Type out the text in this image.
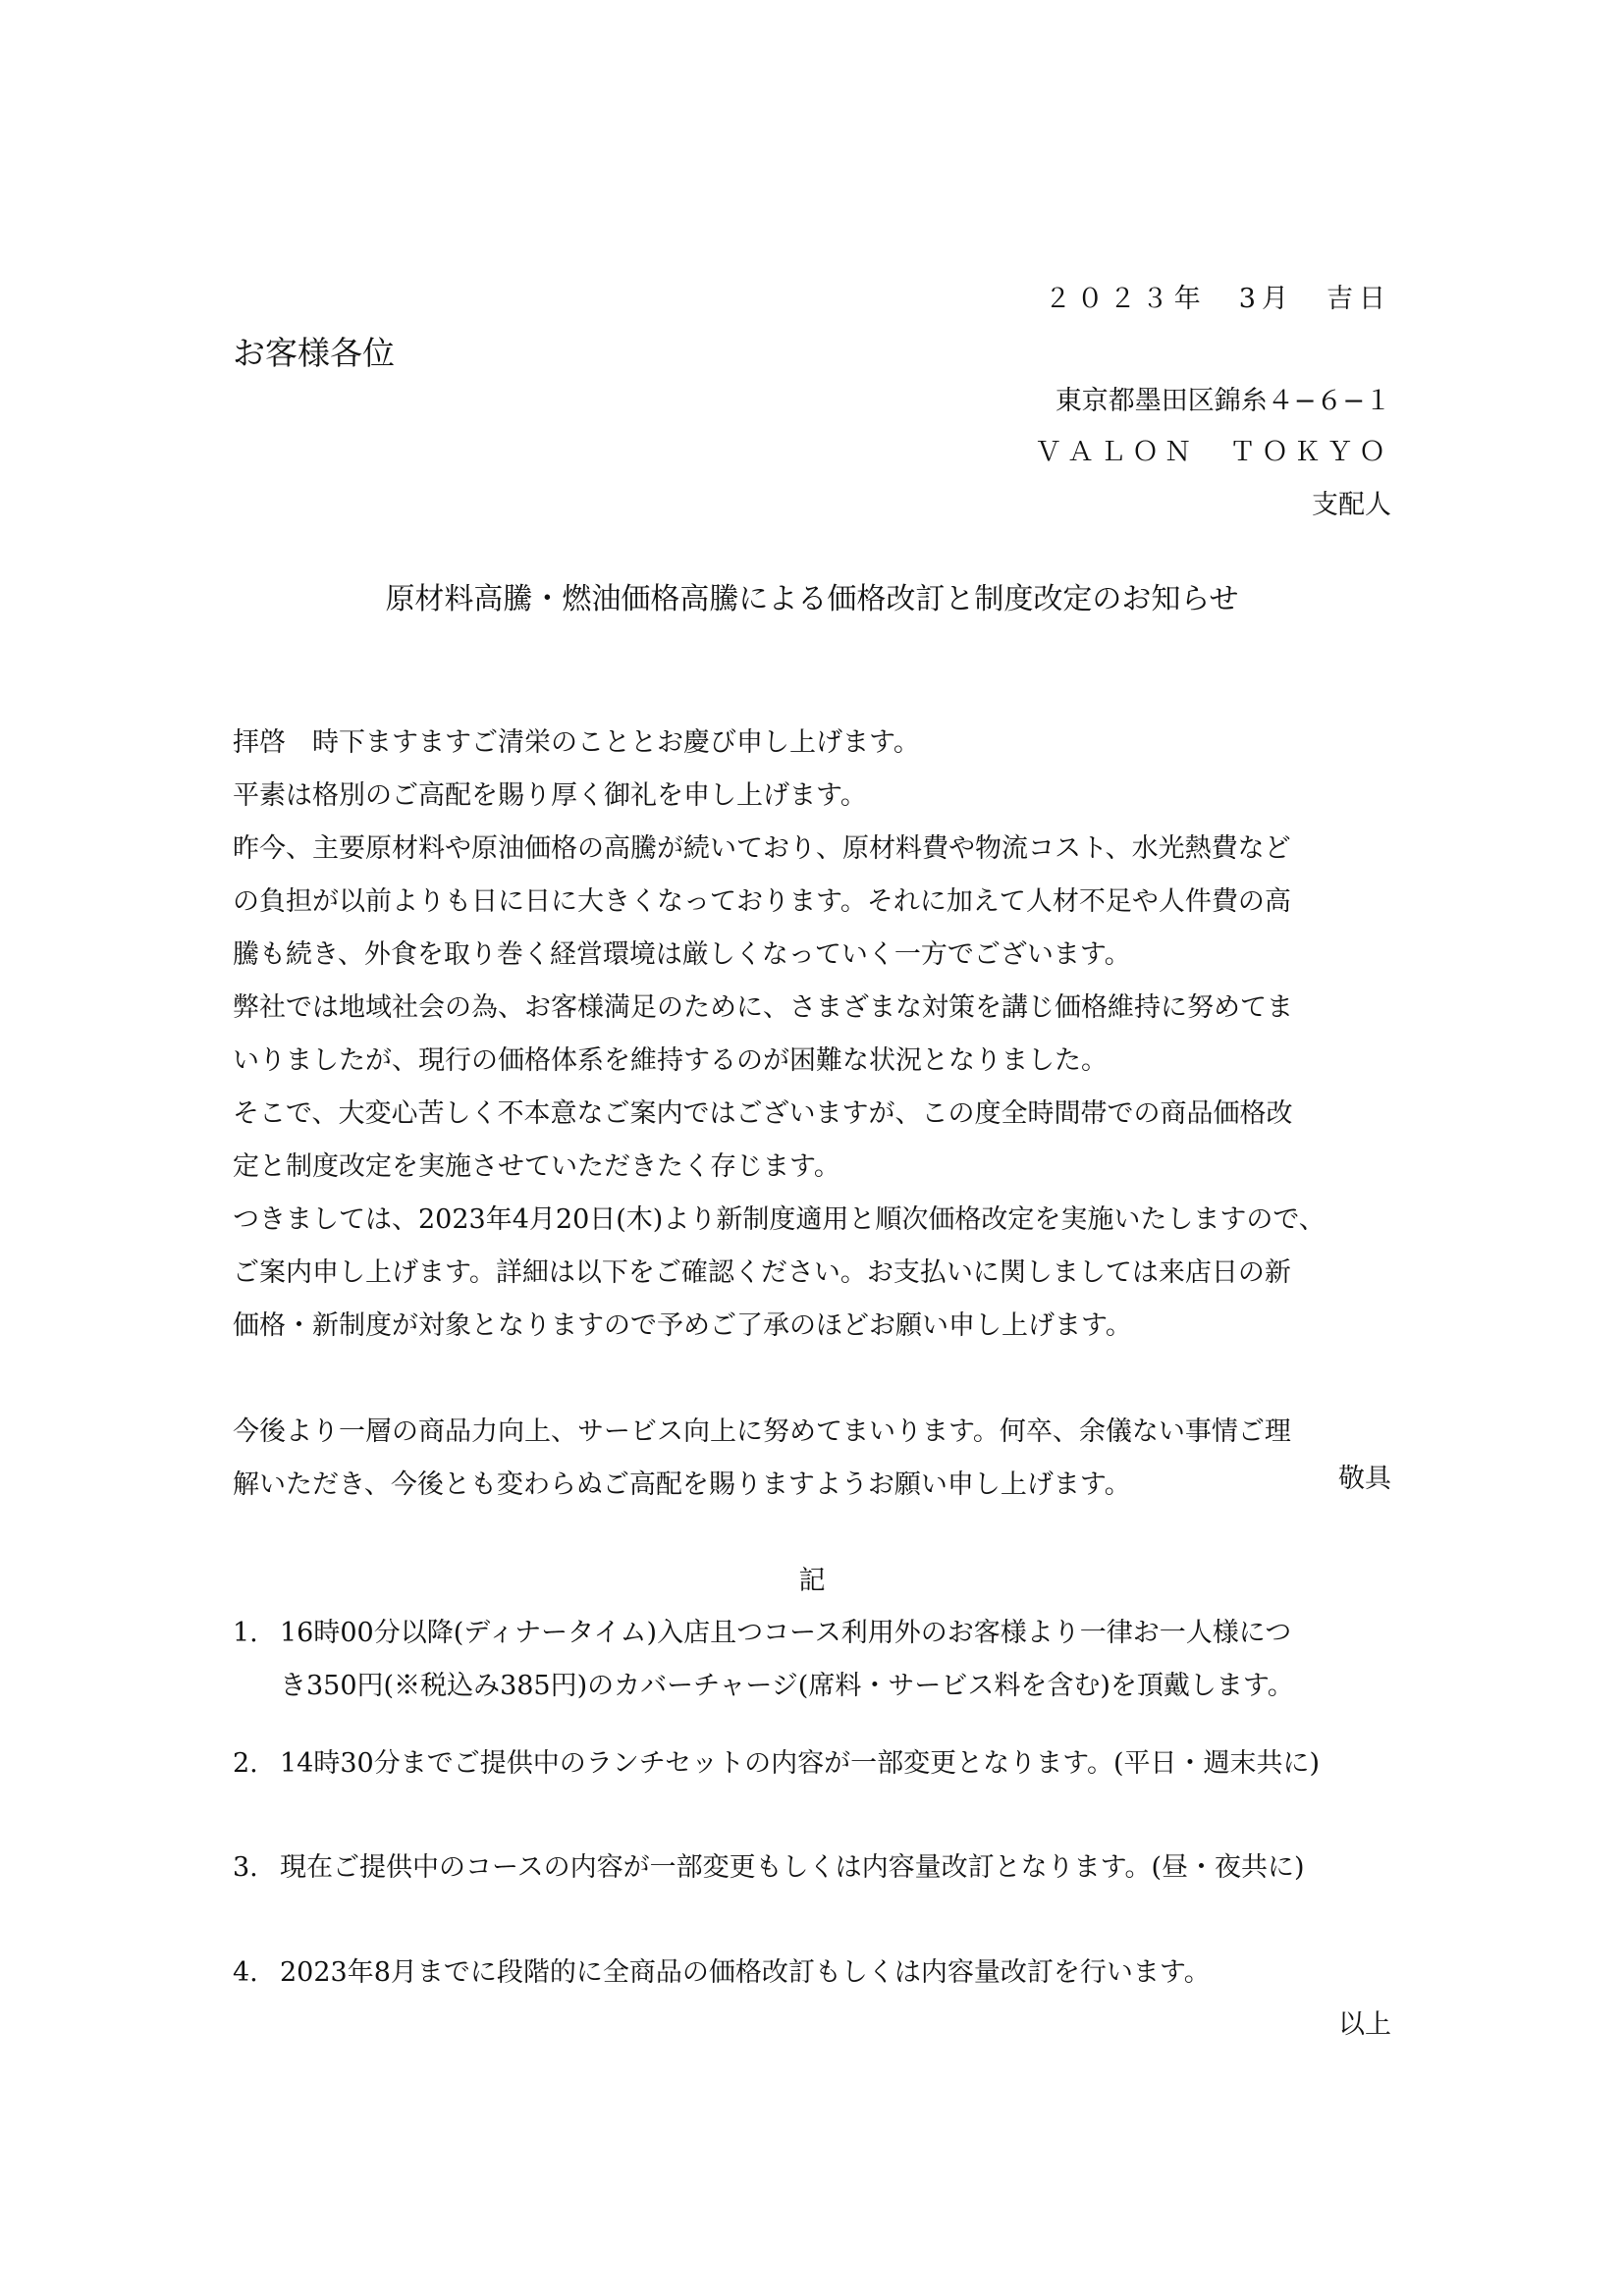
２０２３年　3月　吉日
お客様各位
東京都墨田区錦糸４−６−１
ＶＡＬＯＮ　ＴＯＫＹＯ
支配人
原材料高騰・燃油価格高騰による価格改訂と制度改定のお知らせ
拝啓　時下ますますご清栄のこととお慶び申し上げます。
平素は格別のご高配を賜り厚く御礼を申し上げます。
昨今、主要原材料や原油価格の高騰が続いており、原材料費や物流コスト、水光熱費など
の負担が以前よりも日に日に大きくなっております。それに加えて人材不足や人件費の高
騰も続き、外食を取り巻く経営環境は厳しくなっていく一方でございます。
弊社では地域社会の為、お客様満足のために、さまざまな対策を講じ価格維持に努めてま
いりましたが、現行の価格体系を維持するのが困難な状況となりました。
そこで、大変心苦しく不本意なご案内ではございますが、この度全時間帯での商品価格改
定と制度改定を実施させていただきたく存じます。
つきましては、2023年4月20日(木)より新制度適用と順次価格改定を実施いたしますので、
ご案内申し上げます。詳細は以下をご確認ください。お支払いに関しましては来店日の新
価格・新制度が対象となりますので予めご了承のほどお願い申し上げます。
今後より一層の商品力向上、サービス向上に努めてまいります。何卒、余儀ない事情ご理
解いただき、今後とも変わらぬご高配を賜りますようお願い申し上げます。	敬具
記
1. 16時00分以降(ディナータイム)入店且つコース利用外のお客様より一律お一人様につ
き350円(※税込み385円)のカバーチャージ(席料・サービス料を含む)を頂戴します。
2. 14時30分までご提供中のランチセットの内容が一部変更となります。(平日・週末共に)
3. 現在ご提供中のコースの内容が一部変更もしくは内容量改訂となります。(昼・夜共に)
4. 2023年8月までに段階的に全商品の価格改訂もしくは内容量改訂を行います。
以上
